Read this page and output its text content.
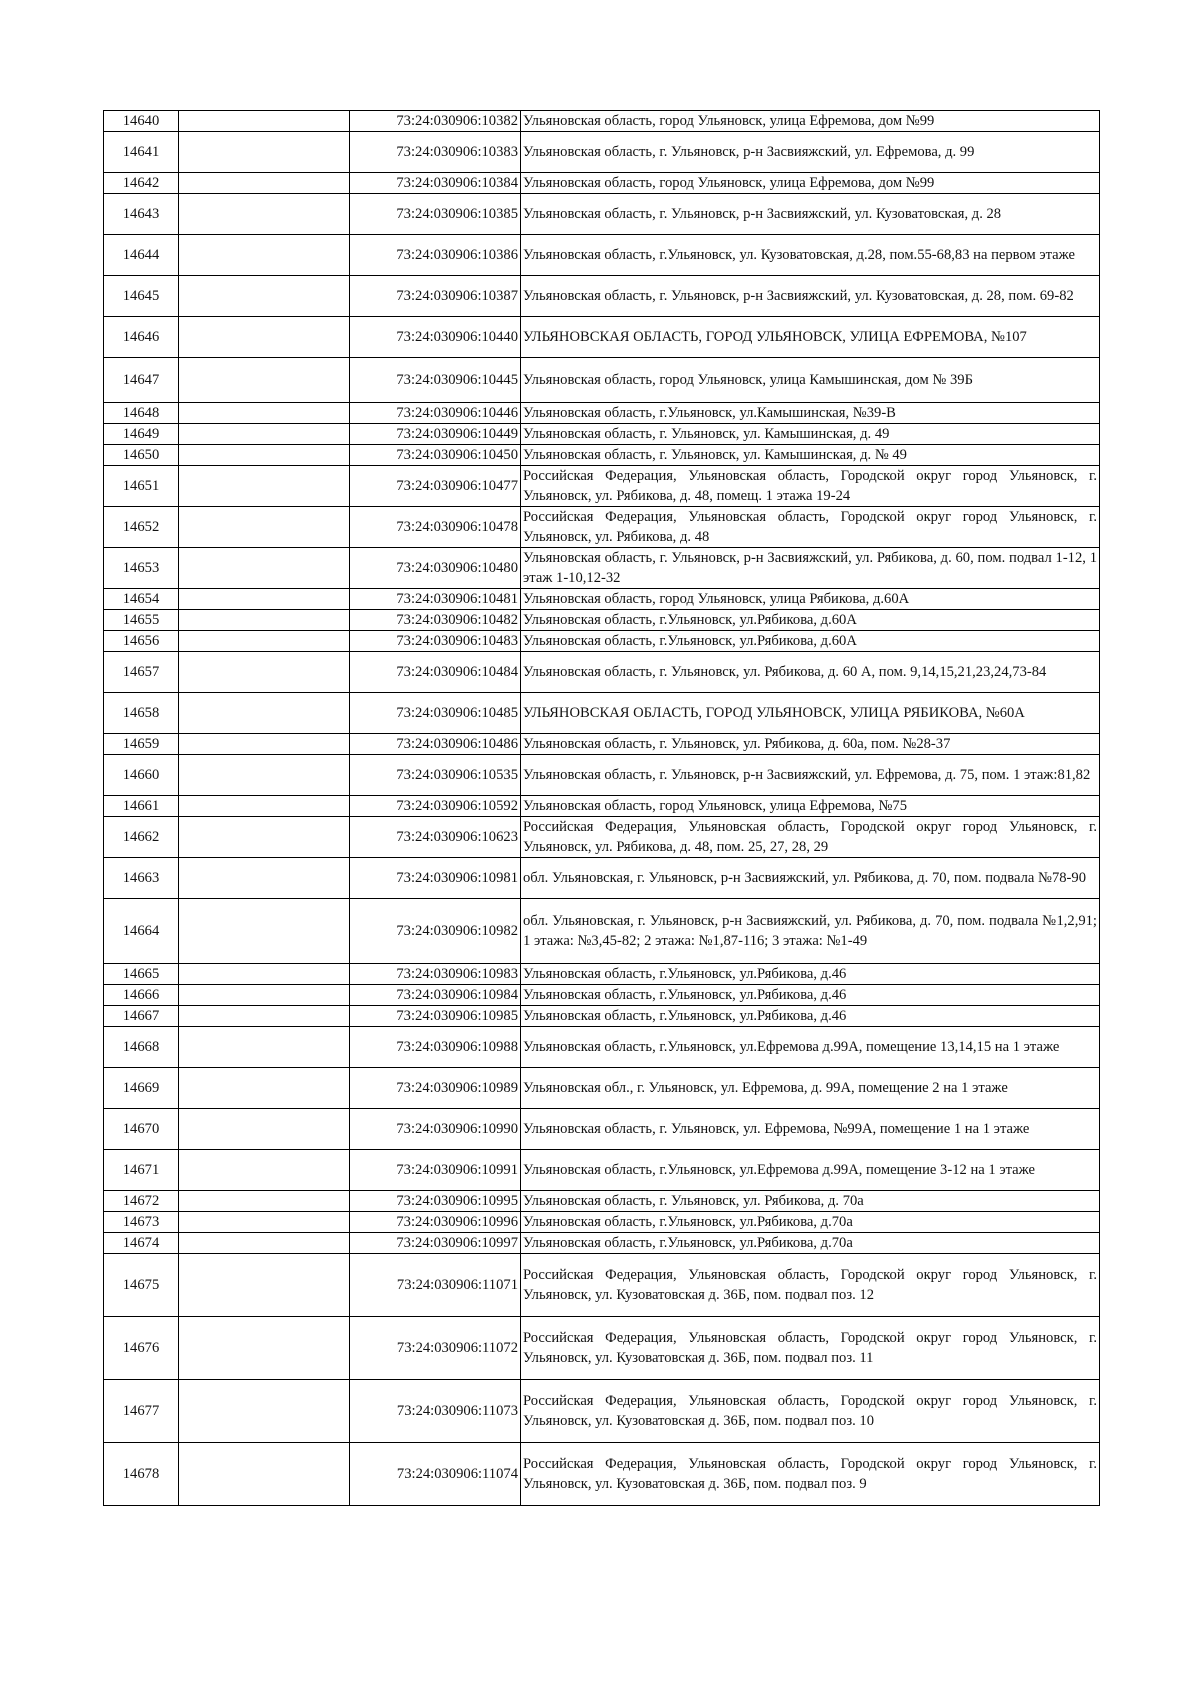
14640		73:24:030906:10382	Ульяновская область, город Ульяновск, улица Ефремова, дом №99
14641		73:24:030906:10383	Ульяновская область, г. Ульяновск, р-н Засвияжский, ул. Ефремова, д. 99
14642		73:24:030906:10384	Ульяновская область, город Ульяновск, улица Ефремова, дом №99
14643		73:24:030906:10385	Ульяновская область, г. Ульяновск, р-н Засвияжский, ул. Кузоватовская, д. 28
14644		73:24:030906:10386	Ульяновская область, г.Ульяновск, ул. Кузоватовская, д.28, пом.55-68,83 на первом этаже
14645		73:24:030906:10387	Ульяновская область, г. Ульяновск, р-н Засвияжский, ул. Кузоватовская, д. 28, пом. 69-82
14646		73:24:030906:10440	УЛЬЯНОВСКАЯ ОБЛАСТЬ, ГОРОД УЛЬЯНОВСК, УЛИЦА ЕФРЕМОВА, №107
14647		73:24:030906:10445	Ульяновская область, город Ульяновск, улица Камышинская, дом № 39Б
14648		73:24:030906:10446	Ульяновская область, г.Ульяновск, ул.Камышинская, №39-В
14649		73:24:030906:10449	Ульяновская область, г. Ульяновск, ул. Камышинская, д. 49
14650		73:24:030906:10450	Ульяновская область, г. Ульяновск, ул. Камышинская, д. № 49
14651		73:24:030906:10477	Российская Федерация, Ульяновская область, Городской округ город Ульяновск, г. Ульяновск, ул. Рябикова, д. 48, помещ. 1 этажа 19-24
14652		73:24:030906:10478	Российская Федерация, Ульяновская область, Городской округ город Ульяновск, г. Ульяновск, ул. Рябикова, д. 48
14653		73:24:030906:10480	Ульяновская область, г. Ульяновск, р-н Засвияжский, ул. Рябикова, д. 60, пом. подвал 1-12, 1 этаж 1-10,12-32
14654		73:24:030906:10481	Ульяновская область, город Ульяновск, улица Рябикова, д.60А
14655		73:24:030906:10482	Ульяновская область, г.Ульяновск, ул.Рябикова, д.60А
14656		73:24:030906:10483	Ульяновская область, г.Ульяновск, ул.Рябикова, д.60А
14657		73:24:030906:10484	Ульяновская область, г. Ульяновск, ул. Рябикова, д. 60 А, пом. 9,14,15,21,23,24,73-84
14658		73:24:030906:10485	УЛЬЯНОВСКАЯ ОБЛАСТЬ, ГОРОД УЛЬЯНОВСК, УЛИЦА РЯБИКОВА, №60А
14659		73:24:030906:10486	Ульяновская область, г. Ульяновск, ул. Рябикова, д. 60а, пом. №28-37
14660		73:24:030906:10535	Ульяновская область, г. Ульяновск, р-н Засвияжский, ул. Ефремова, д. 75, пом. 1 этаж:81,82
14661		73:24:030906:10592	Ульяновская область, город Ульяновск, улица Ефремова, №75
14662		73:24:030906:10623	Российская Федерация, Ульяновская область, Городской округ город Ульяновск, г. Ульяновск, ул. Рябикова, д. 48, пом. 25, 27, 28, 29
14663		73:24:030906:10981	обл. Ульяновская, г. Ульяновск, р-н Засвияжский, ул. Рябикова, д. 70, пом. подвала №78-90
14664		73:24:030906:10982	обл. Ульяновская, г. Ульяновск, р-н Засвияжский, ул. Рябикова, д. 70, пом. подвала №1,2,91; 1 этажа: №3,45-82; 2 этажа: №1,87-116; 3 этажа: №1-49
14665		73:24:030906:10983	Ульяновская область, г.Ульяновск, ул.Рябикова, д.46
14666		73:24:030906:10984	Ульяновская область, г.Ульяновск, ул.Рябикова, д.46
14667		73:24:030906:10985	Ульяновская область, г.Ульяновск, ул.Рябикова, д.46
14668		73:24:030906:10988	Ульяновская область, г.Ульяновск, ул.Ефремова д.99А, помещение 13,14,15 на 1 этаже
14669		73:24:030906:10989	Ульяновская обл., г. Ульяновск, ул. Ефремова, д. 99А, помещение 2 на 1 этаже
14670		73:24:030906:10990	Ульяновская область, г. Ульяновск, ул. Ефремова, №99А, помещение 1 на 1 этаже
14671		73:24:030906:10991	Ульяновская область, г.Ульяновск, ул.Ефремова д.99А, помещение 3-12 на 1 этаже
14672		73:24:030906:10995	Ульяновская область, г. Ульяновск, ул. Рябикова, д. 70а
14673		73:24:030906:10996	Ульяновская область, г.Ульяновск, ул.Рябикова, д.70а
14674		73:24:030906:10997	Ульяновская область, г.Ульяновск, ул.Рябикова, д.70а
14675		73:24:030906:11071	Российская Федерация, Ульяновская область, Городской округ город Ульяновск, г. Ульяновск, ул. Кузоватовская д. 36Б, пом. подвал поз. 12
14676		73:24:030906:11072	Российская Федерация, Ульяновская область, Городской округ город Ульяновск, г. Ульяновск, ул. Кузоватовская д. 36Б, пом. подвал поз. 11
14677		73:24:030906:11073	Российская Федерация, Ульяновская область, Городской округ город Ульяновск, г. Ульяновск, ул. Кузоватовская д. 36Б, пом. подвал поз. 10
14678		73:24:030906:11074	Российская Федерация, Ульяновская область, Городской округ город Ульяновск, г. Ульяновск, ул. Кузоватовская д. 36Б, пом. подвал поз. 9
